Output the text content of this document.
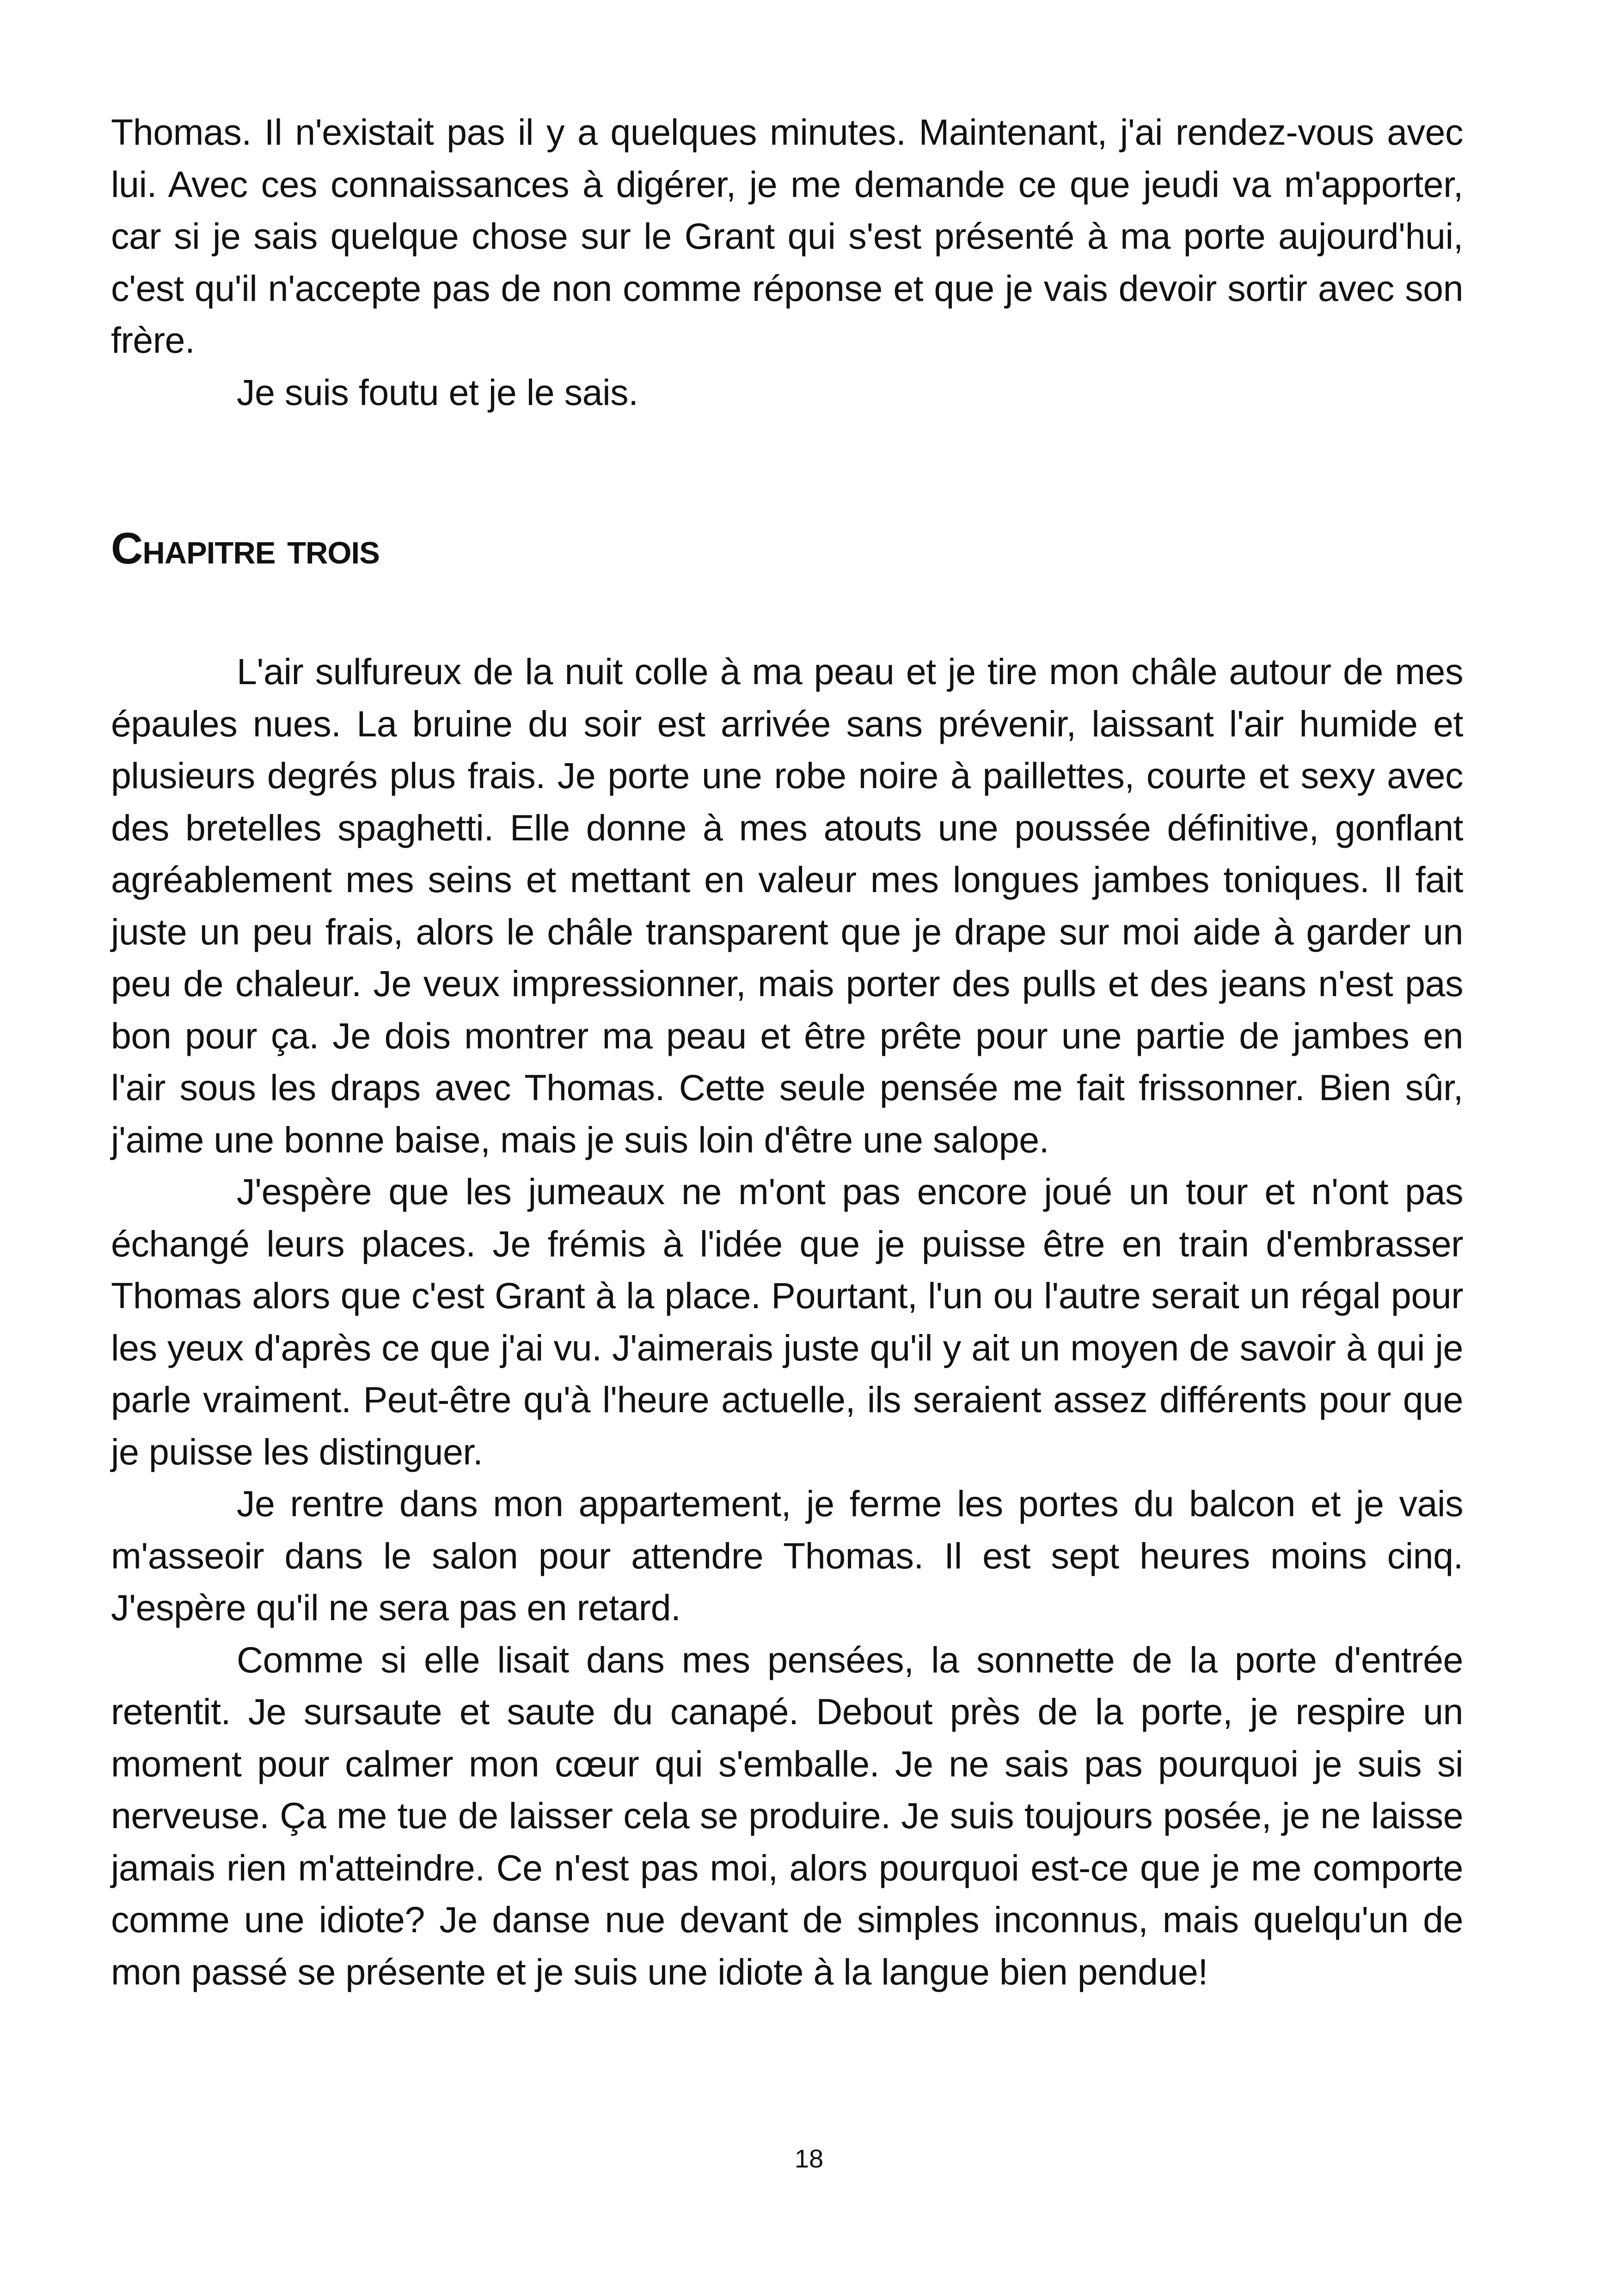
Thomas. Il n'existait pas il y a quelques minutes. Maintenant, j'ai rendez-vous avec lui. Avec ces connaissances à digérer, je me demande ce que jeudi va m'apporter, car si je sais quelque chose sur le Grant qui s'est présenté à ma porte aujourd'hui, c'est qu'il n'accepte pas de non comme réponse et que je vais devoir sortir avec son frère.

Je suis foutu et je le sais.

Chapitre trois

L'air sulfureux de la nuit colle à ma peau et je tire mon châle autour de mes épaules nues. La bruine du soir est arrivée sans prévenir, laissant l'air humide et plusieurs degrés plus frais. Je porte une robe noire à paillettes, courte et sexy avec des bretelles spaghetti. Elle donne à mes atouts une poussée définitive, gonflant agréablement mes seins et mettant en valeur mes longues jambes toniques. Il fait juste un peu frais, alors le châle transparent que je drape sur moi aide à garder un peu de chaleur. Je veux impressionner, mais porter des pulls et des jeans n'est pas bon pour ça. Je dois montrer ma peau et être prête pour une partie de jambes en l'air sous les draps avec Thomas. Cette seule pensée me fait frissonner. Bien sûr, j'aime une bonne baise, mais je suis loin d'être une salope.

J'espère que les jumeaux ne m'ont pas encore joué un tour et n'ont pas échangé leurs places. Je frémis à l'idée que je puisse être en train d'embrasser Thomas alors que c'est Grant à la place. Pourtant, l'un ou l'autre serait un régal pour les yeux d'après ce que j'ai vu. J'aimerais juste qu'il y ait un moyen de savoir à qui je parle vraiment. Peut-être qu'à l'heure actuelle, ils seraient assez différents pour que je puisse les distinguer.

Je rentre dans mon appartement, je ferme les portes du balcon et je vais m'asseoir dans le salon pour attendre Thomas. Il est sept heures moins cinq. J'espère qu'il ne sera pas en retard.

Comme si elle lisait dans mes pensées, la sonnette de la porte d'entrée retentit. Je sursaute et saute du canapé. Debout près de la porte, je respire un moment pour calmer mon cœur qui s'emballe. Je ne sais pas pourquoi je suis si nerveuse. Ça me tue de laisser cela se produire. Je suis toujours posée, je ne laisse jamais rien m'atteindre. Ce n'est pas moi, alors pourquoi est-ce que je me comporte comme une idiote? Je danse nue devant de simples inconnus, mais quelqu'un de mon passé se présente et je suis une idiote à la langue bien pendue!

18
